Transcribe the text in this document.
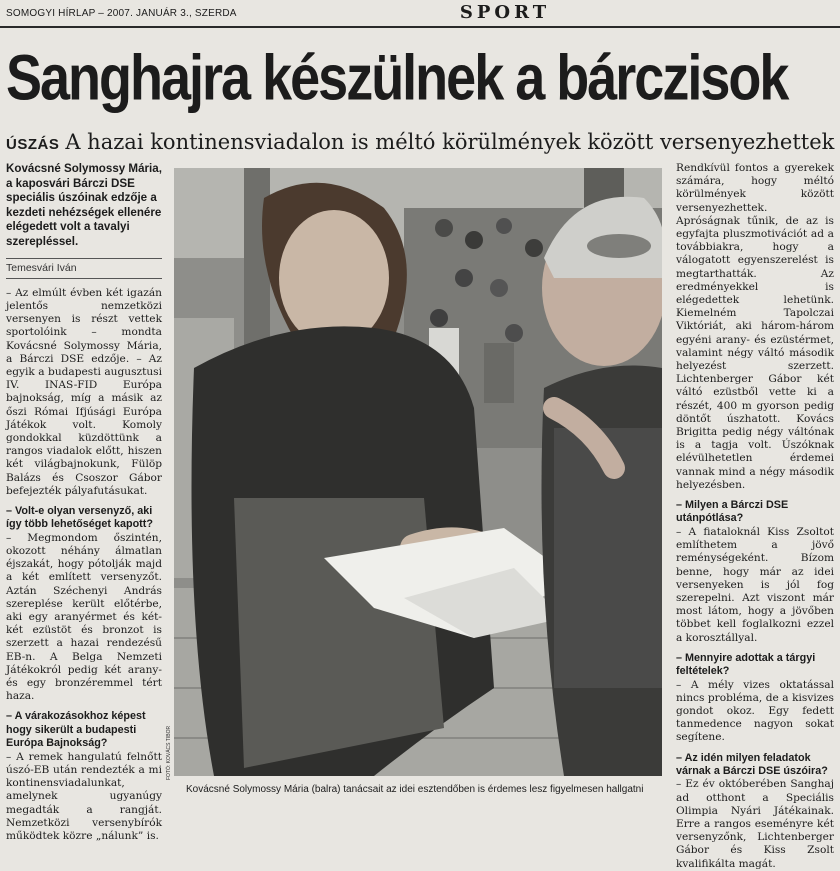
SOMOGYI HÍRLAP – 2007. JANUÁR 3., SZERDA	SPORT
Sanghajra készülnek a bárczisok
ÚSZÁS A hazai kontinensviadalon is méltó körülmények között versenyezhettek
Kovácsné Solymossy Mária, a kaposvári Bárczi DSE speciális úszóinak edzője a kezdeti nehézségek ellenére elégedett volt a tavalyi szerepléssel.
Temesvári Iván

– Az elmúlt évben két igazán jelentős nemzetközi versenyen is részt vettek sportolóink – mondta Kovácsné Solymossy Mária, a Bárczi DSE edzője. – Az egyik a budapesti augusztusi IV. INAS-FID Európa bajnokság, míg a másik az őszi Római Ifjúsági Európa Játékok volt. Komoly gondokkal küzdöttünk a rangos viadalok előtt, hiszen két világbajnokunk, Fülöp Balázs és Csoszor Gábor befejezték pályafutásukat.

– Volt-e olyan versenyző, aki így több lehetőséget kapott?

– Megmondom őszintén, okozott néhány álmatlan éjszakát, hogy pótolják majd a két említett versenyzőt. Aztán Széchenyi András szereplése került előtérbe, aki egy aranyérmet és két-két ezüstöt és bronzot is szerzett a hazai rendezésű EB-n. A Belga Nemzeti Játékokról pedig két arany- és egy bronzéremmel tért haza.

– A várakozásokhoz képest hogy sikerült a budapesti Európa Bajnokság?

– A remek hangulatú felnőtt úszó-EB után rendezték a mi kontinensviadalunkat, amelynek ugyanúgy megadták a rangját. Nemzetközi versenybírók működtek közre „nálunk” is.

FOTÓ: KOVÁCS TIBOR
Kovácsné Solymossy Mária (balra) tanácsait az idei esztendőben is érdemes lesz figyelmesen hallgatni

Rendkívül fontos a gyerekek számára, hogy méltó körülmények között versenyezhettek. Apróságnak tűnik, de az is egyfajta pluszmotivációt ad a továbbiakra, hogy a válogatott egyenszerelést is megtarthatták. Az eredményekkel is elégedettek lehetünk. Kiemelném Tapolczai Viktóriát, aki három-három egyéni arany- és ezüstérmet, valamint négy váltó második helyezést szerzett. Lichtenberger Gábor két váltó ezüstből vette ki a részét, 400 m gyorson pedig döntőt úszhatott. Kovács Brigitta pedig négy váltónak is a tagja volt. Úszóknak elévülhetetlen érdemei vannak mind a négy második helyezésben.

– Milyen a Bárczi DSE utánpótlása?

– A fiataloknál Kiss Zsoltot említhetem a jövő reménységeként. Bízom benne, hogy már az idei versenyeken is jól fog szerepelni. Azt viszont már most látom, hogy a jövőben többet kell foglalkozni ezzel a korosztállyal.

– Mennyire adottak a tárgyi feltételek?

– A mély vizes oktatással nincs probléma, de a kisvizes gondot okoz. Egy fedett tanmedence nagyon sokat segítene.

– Az idén milyen feladatok várnak a Bárczi DSE úszóira?

– Ez év októberében Sanghaj ad otthont a Speciális Olimpia Nyári Játékainak. Erre a rangos eseményre két versenyzőnk, Lichtenberger Gábor és Kiss Zsolt kvalifikálta magát.
